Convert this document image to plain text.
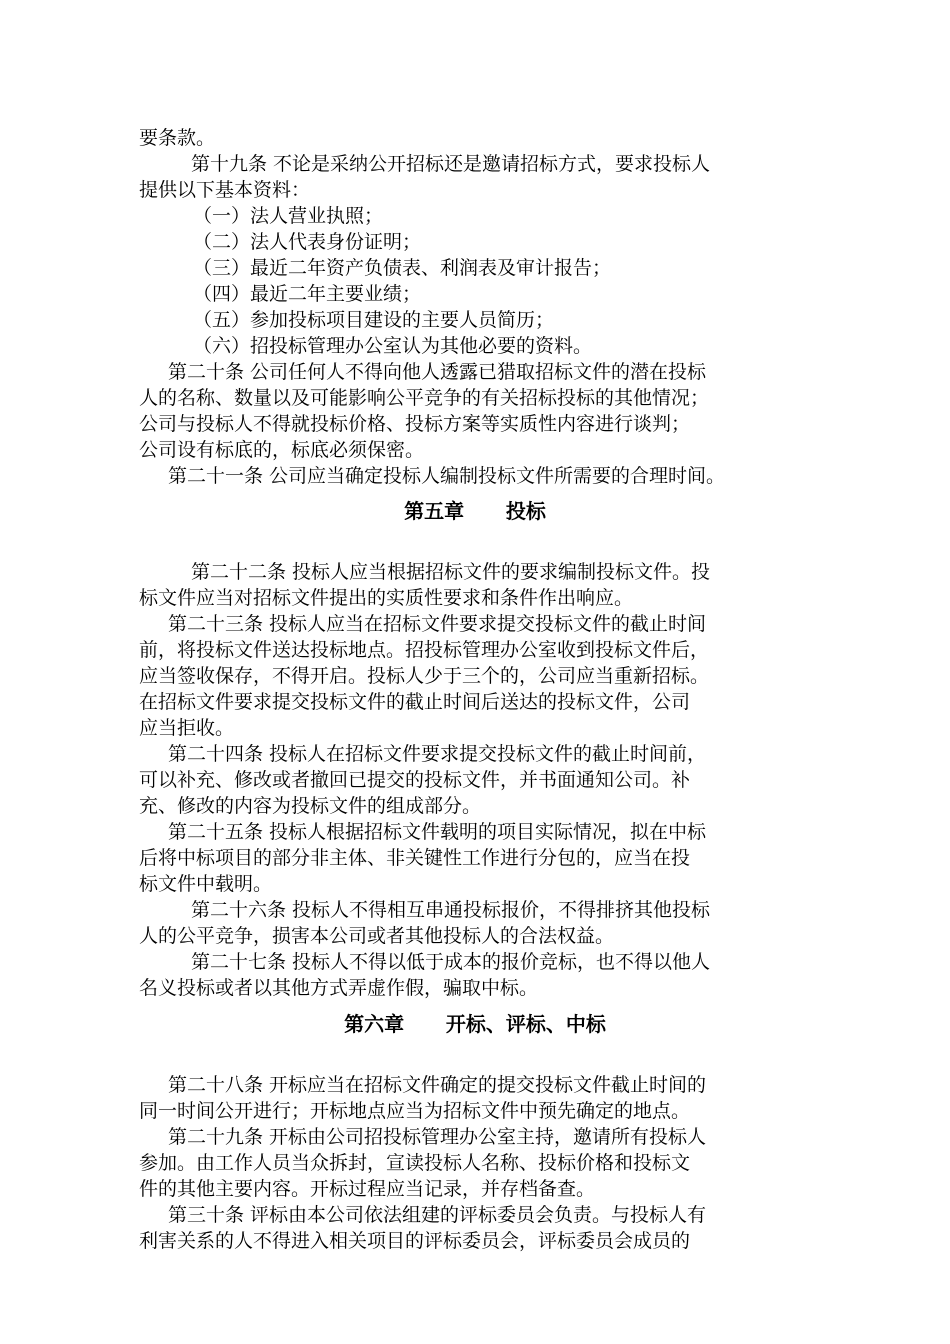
要条款。
第十九条 不论是采纳公开招标还是邀请招标方式，要求投标人
提供以下基本资料：
（一）法人营业执照；
（二）法人代表身份证明；
（三）最近二年资产负债表、利润表及审计报告；
（四）最近二年主要业绩；
（五）参加投标项目建设的主要人员简历；
（六）招投标管理办公室认为其他必要的资料。
第二十条 公司任何人不得向他人透露已猎取招标文件的潜在投标
人的名称、数量以及可能影响公平竞争的有关招标投标的其他情况；
公司与投标人不得就投标价格、投标方案等实质性内容进行谈判；
公司设有标底的，标底必须保密。
第二十一条 公司应当确定投标人编制投标文件所需要的合理时间。
第五章      投标
第二十二条 投标人应当根据招标文件的要求编制投标文件。投
标文件应当对招标文件提出的实质性要求和条件作出响应。
第二十三条 投标人应当在招标文件要求提交投标文件的截止时间
前，将投标文件送达投标地点。招投标管理办公室收到投标文件后，
应当签收保存，不得开启。投标人少于三个的，公司应当重新招标。
在招标文件要求提交投标文件的截止时间后送达的投标文件，公司
应当拒收。
第二十四条 投标人在招标文件要求提交投标文件的截止时间前，
可以补充、修改或者撤回已提交的投标文件，并书面通知公司。补
充、修改的内容为投标文件的组成部分。
第二十五条 投标人根据招标文件载明的项目实际情况，拟在中标
后将中标项目的部分非主体、非关键性工作进行分包的，应当在投
标文件中载明。
第二十六条 投标人不得相互串通投标报价，不得排挤其他投标
人的公平竞争，损害本公司或者其他投标人的合法权益。
第二十七条 投标人不得以低于成本的报价竞标，也不得以他人
名义投标或者以其他方式弄虚作假，骗取中标。
第六章      开标、评标、中标
第二十八条 开标应当在招标文件确定的提交投标文件截止时间的
同一时间公开进行；开标地点应当为招标文件中预先确定的地点。
第二十九条 开标由公司招投标管理办公室主持，邀请所有投标人
参加。由工作人员当众拆封，宣读投标人名称、投标价格和投标文
件的其他主要内容。开标过程应当记录，并存档备查。
第三十条 评标由本公司依法组建的评标委员会负责。与投标人有
利害关系的人不得进入相关项目的评标委员会，评标委员会成员的
